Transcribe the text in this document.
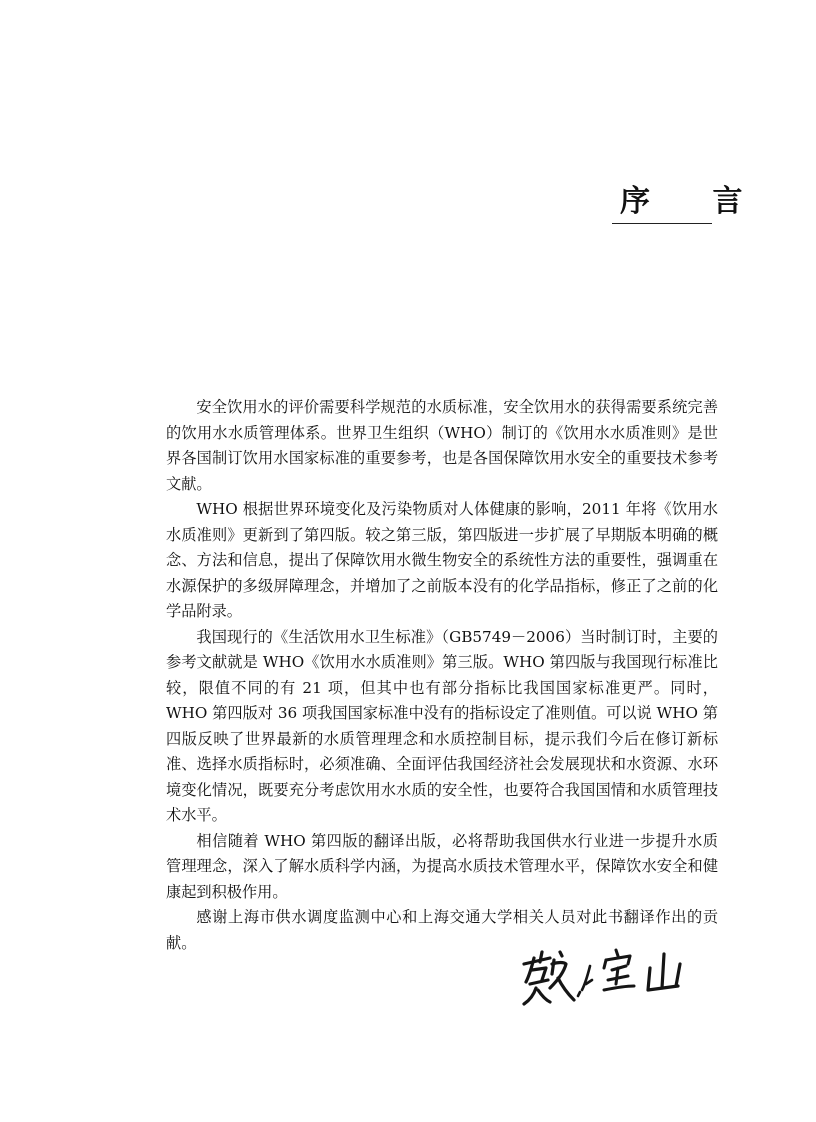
序 言

安全饮用水的评价需要科学规范的水质标准，安全饮用水的获得需要系统完善的饮用水水质管理体系。世界卫生组织（WHO）制订的《饮用水水质准则》是世界各国制订饮用水国家标准的重要参考，也是各国保障饮用水安全的重要技术参考文献。

WHO 根据世界环境变化及污染物质对人体健康的影响，2011 年将《饮用水水质准则》更新到了第四版。较之第三版，第四版进一步扩展了早期版本明确的概念、方法和信息，提出了保障饮用水微生物安全的系统性方法的重要性，强调重在水源保护的多级屏障理念，并增加了之前版本没有的化学品指标，修正了之前的化学品附录。

我国现行的《生活饮用水卫生标准》（GB5749－2006）当时制订时，主要的参考文献就是 WHO《饮用水水质准则》第三版。WHO 第四版与我国现行标准比较，限值不同的有 21 项，但其中也有部分指标比我国国家标准更严。同时，WHO 第四版对 36 项我国国家标准中没有的指标设定了准则值。可以说 WHO 第四版反映了世界最新的水质管理理念和水质控制目标，提示我们今后在修订新标准、选择水质指标时，必须准确、全面评估我国经济社会发展现状和水资源、水环境变化情况，既要充分考虑饮用水水质的安全性，也要符合我国国情和水质管理技术水平。

相信随着 WHO 第四版的翻译出版，必将帮助我国供水行业进一步提升水质管理理念，深入了解水质科学内涵，为提高水质技术管理水平，保障饮水安全和健康起到积极作用。

感谢上海市供水调度监测中心和上海交通大学相关人员对此书翻译作出的贡献。
